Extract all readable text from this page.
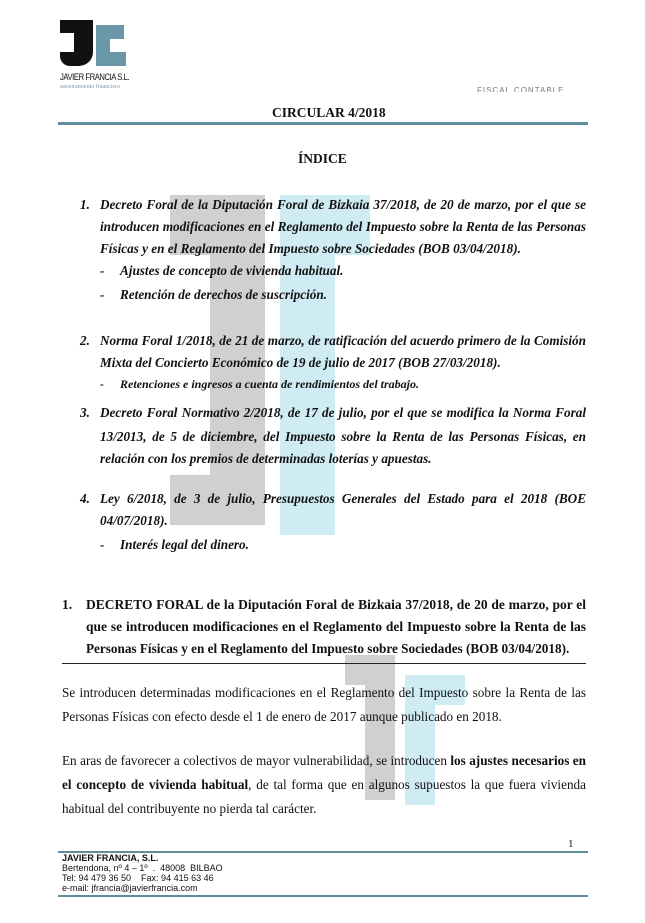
JAVIER FRANCIA S.L.
asesoramiento financiero	FISCAL CONTABLE
CIRCULAR 4/2018
ÍNDICE
1. Decreto Foral de la Diputación Foral de Bizkaia 37/2018, de 20 de marzo, por el que se
introducen modificaciones en el Reglamento del Impuesto sobre la Renta de las Personas
Físicas y en el Reglamento del Impuesto sobre Sociedades (BOB 03/04/2018).
- Ajustes de concepto de vivienda habitual.
- Retención de derechos de suscripción.
2. Norma Foral 1/2018, de 21 de marzo, de ratificación del acuerdo primero de la Comisión
Mixta del Concierto Económico de 19 de julio de 2017 (BOB 27/03/2018).
- Retenciones e ingresos a cuenta de rendimientos del trabajo.
3. Decreto Foral Normativo 2/2018, de 17 de julio, por el que se modifica la Norma Foral
13/2013, de 5 de diciembre, del Impuesto sobre la Renta de las Personas Físicas, en
relación con los premios de determinadas loterías y apuestas.
4. Ley 6/2018, de 3 de julio, Presupuestos Generales del Estado para el 2018 (BOE
04/07/2018).
- Interés legal del dinero.
1. DECRETO FORAL de la Diputación Foral de Bizkaia 37/2018, de 20 de marzo, por el
que se introducen modificaciones en el Reglamento del Impuesto sobre la Renta de las
Personas Físicas y en el Reglamento del Impuesto sobre Sociedades (BOB 03/04/2018).
Se introducen determinadas modificaciones en el Reglamento del Impuesto sobre la Renta de las
Personas Físicas con efecto desde el 1 de enero de 2017 aunque publicado en 2018.
En aras de favorecer a colectivos de mayor vulnerabilidad, se introducen los ajustes necesarios en
el concepto de vivienda habitual, de tal forma que en algunos supuestos la que fuera vivienda
habitual del contribuyente no pierda tal carácter.
1
JAVIER FRANCIA, S.L.
Bertendona, nº 4 – 1º  .  48008  BILBAO
Tel: 94 479 36 50    Fax: 94 415 63 46
e-mail: jfrancia@javierfrancia.com
